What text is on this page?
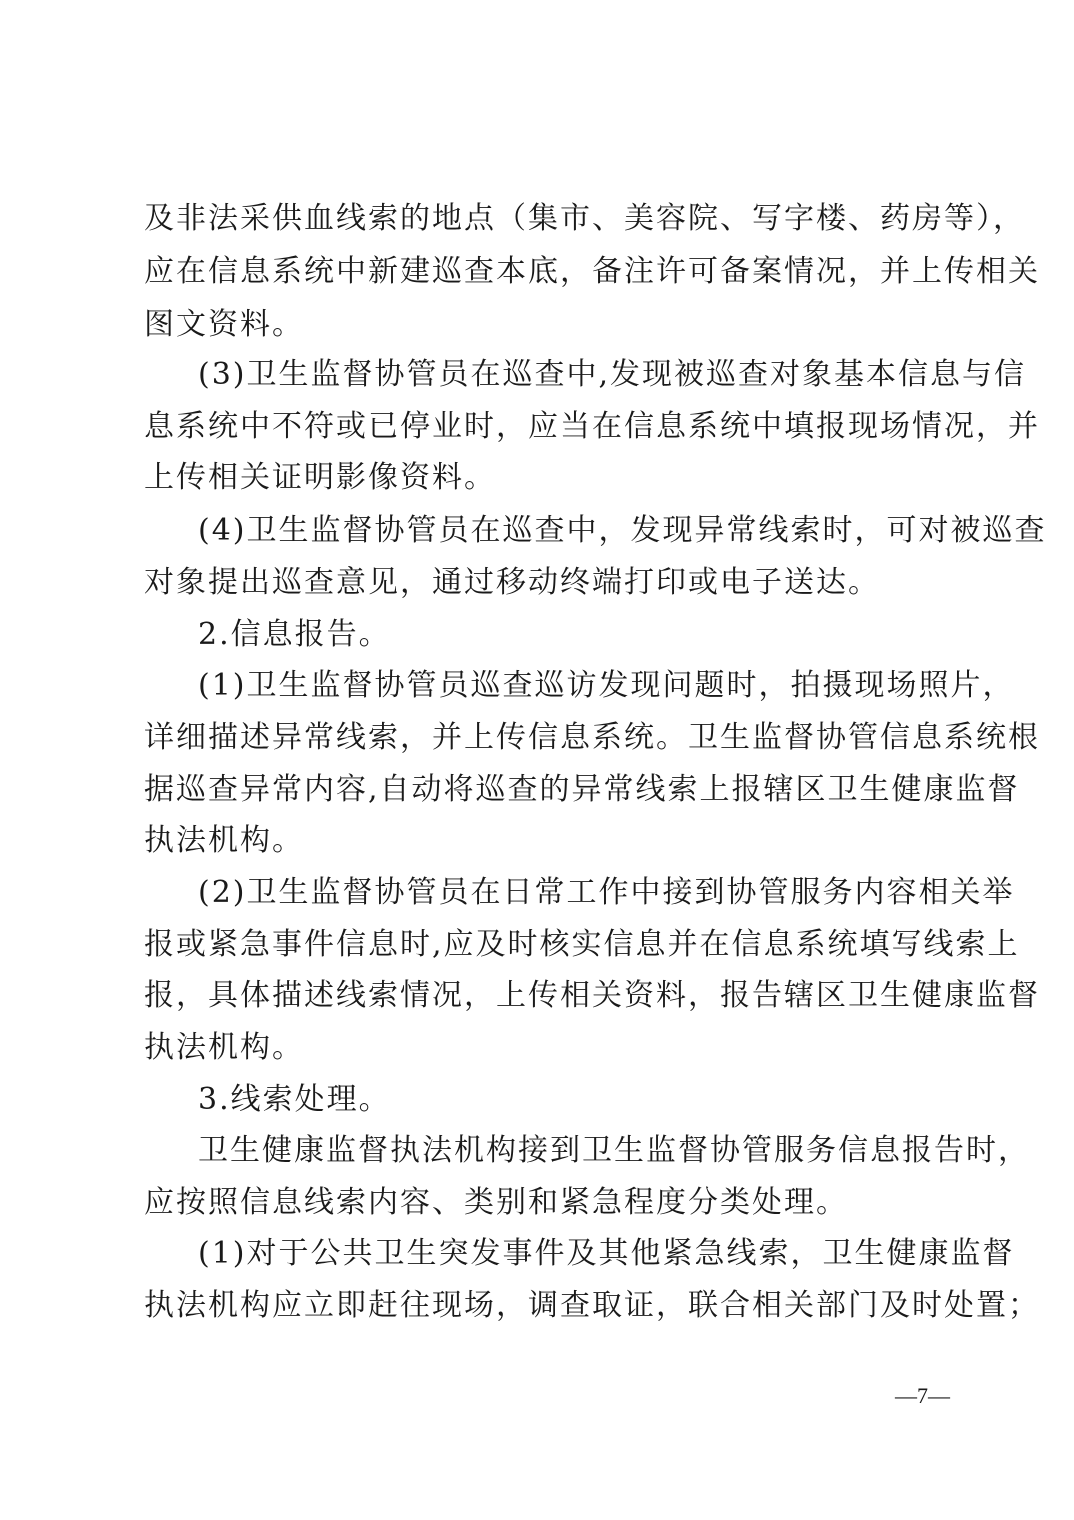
及非法采供血线索的地点（集市、美容院、写字楼、药房等），
应在信息系统中新建巡查本底，备注许可备案情况，并上传相关
图文资料。
(3)卫生监督协管员在巡查中,发现被巡查对象基本信息与信
息系统中不符或已停业时，应当在信息系统中填报现场情况，并
上传相关证明影像资料。
(4)卫生监督协管员在巡查中，发现异常线索时，可对被巡查
对象提出巡查意见，通过移动终端打印或电子送达。
2.信息报告。
(1)卫生监督协管员巡查巡访发现问题时，拍摄现场照片，
详细描述异常线索，并上传信息系统。卫生监督协管信息系统根
据巡查异常内容,自动将巡查的异常线索上报辖区卫生健康监督
执法机构。
(2)卫生监督协管员在日常工作中接到协管服务内容相关举
报或紧急事件信息时,应及时核实信息并在信息系统填写线索上
报，具体描述线索情况，上传相关资料，报告辖区卫生健康监督
执法机构。
3.线索处理。
卫生健康监督执法机构接到卫生监督协管服务信息报告时，
应按照信息线索内容、类别和紧急程度分类处理。
(1)对于公共卫生突发事件及其他紧急线索，卫生健康监督
执法机构应立即赶往现场，调查取证，联合相关部门及时处置；
—7—
